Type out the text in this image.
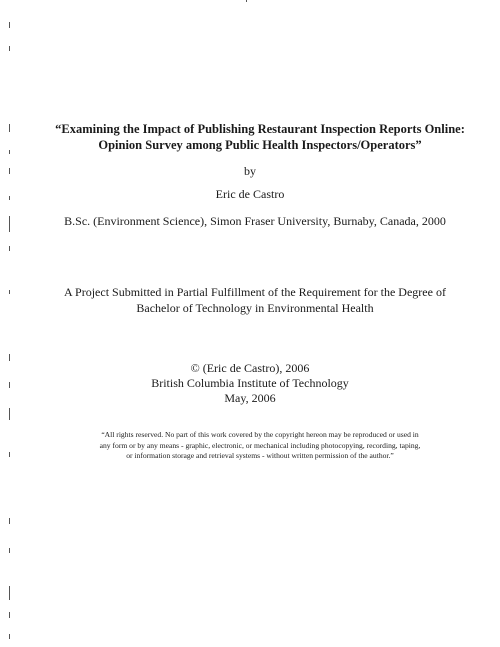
“Examining the Impact of Publishing Restaurant Inspection Reports Online:
Opinion Survey among Public Health Inspectors/Operators”
by
Eric de Castro
B.Sc. (Environment Science), Simon Fraser University, Burnaby, Canada, 2000
A Project Submitted in Partial Fulfillment of the Requirement for the Degree of
Bachelor of Technology in Environmental Health
© (Eric de Castro), 2006
British Columbia Institute of Technology
May, 2006
“All rights reserved. No part of this work covered by the copyright hereon may be reproduced or used in
any form or by any means - graphic, electronic, or mechanical including photocopying, recording, taping,
or information storage and retrieval systems - without written permission of the author.”
